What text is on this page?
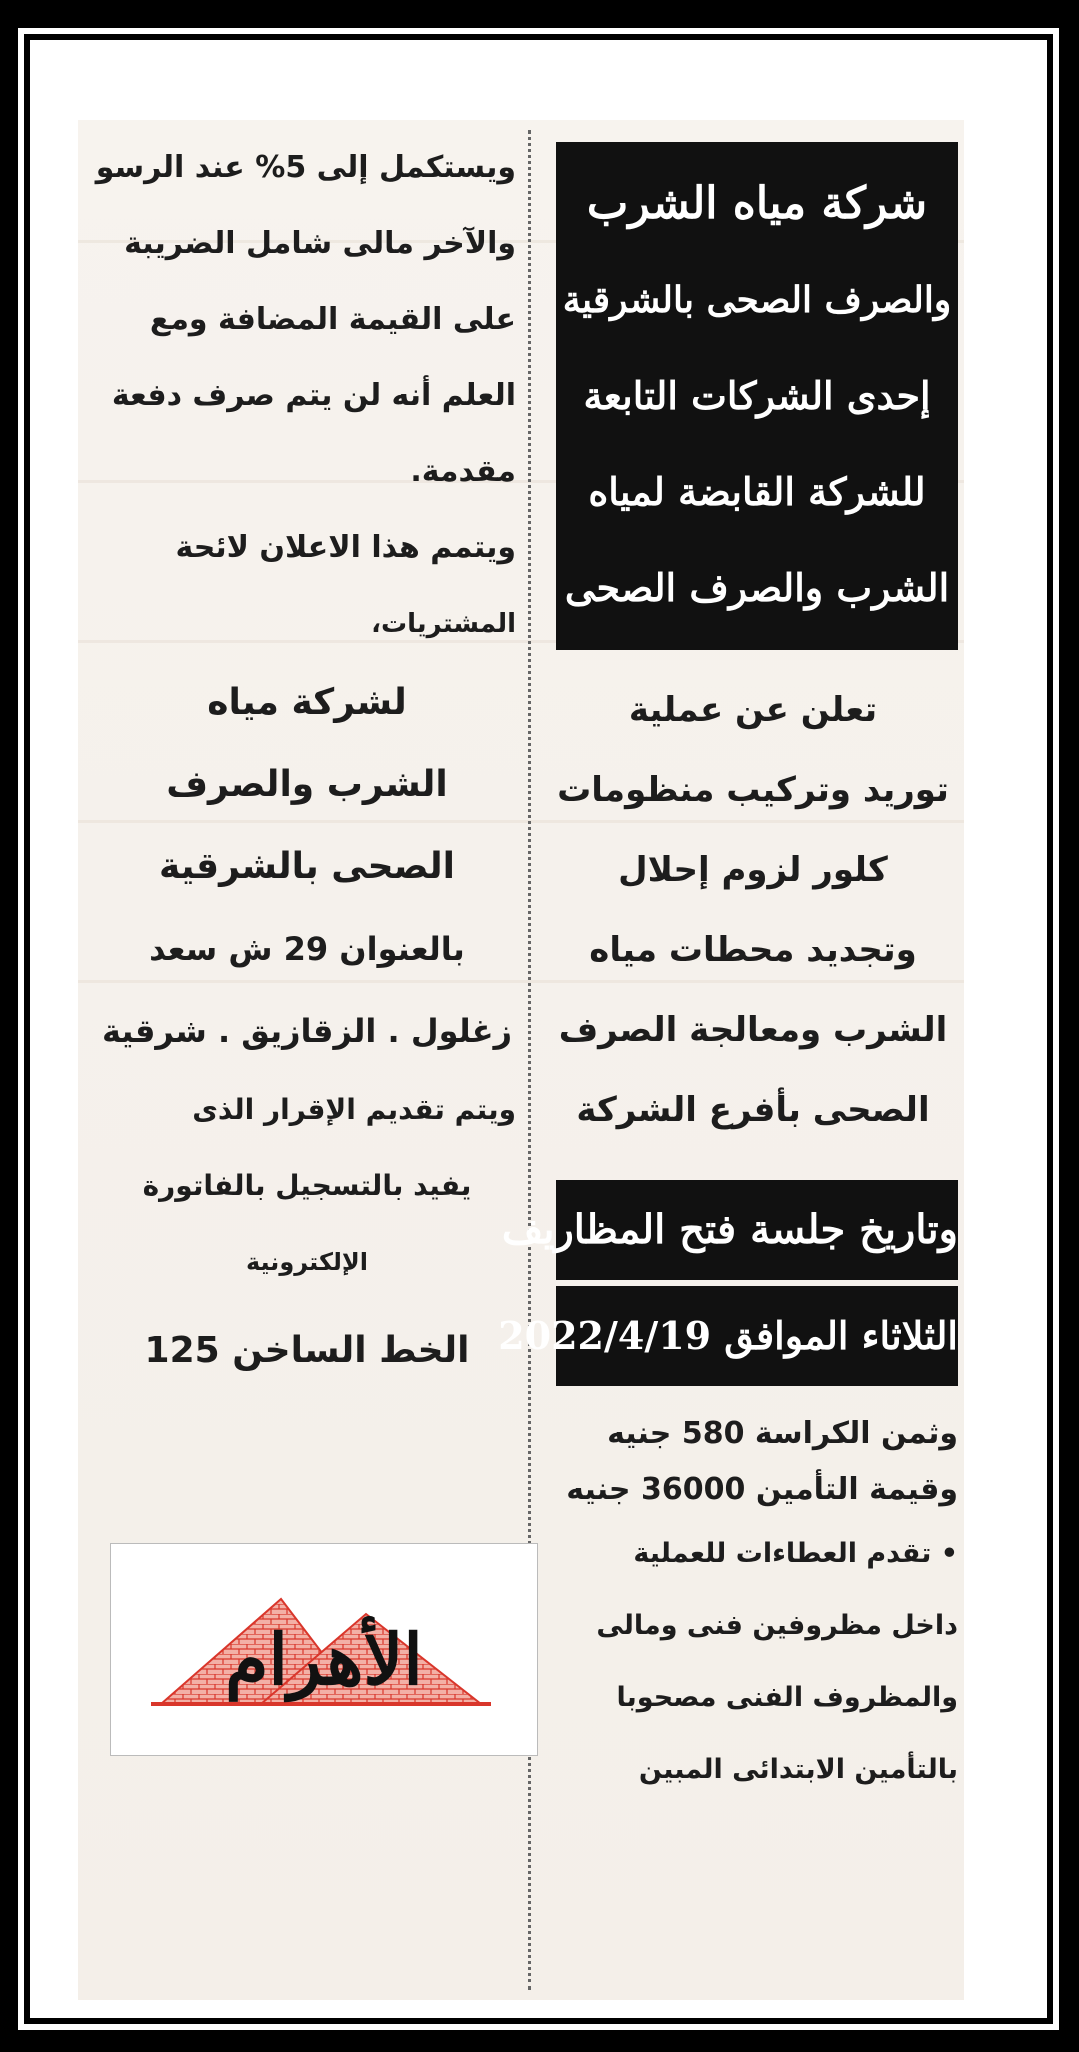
ويستكمل إلى 5% عند الرسو
والآخر مالى شامل الضريبة
على القيمة المضافة ومع
العلم أنه لن يتم صرف دفعة
مقدمة.
ويتمم هذا الاعلان لائحة
المشتريات،
لشركة مياه
الشرب والصرف
الصحى بالشرقية
بالعنوان 29 ش سعد
زغلول . الزقازيق . شرقية
ويتم تقديم الإقرار الذى
يفيد بالتسجيل بالفاتورة
الإلكترونية
الخط الساخن 125
شركة مياه الشرب
والصرف الصحى بالشرقية
إحدى الشركات التابعة
للشركة القابضة لمياه
الشرب والصرف الصحى
تعلن عن عملية
توريد وتركيب منظومات
كلور لزوم إحلال
وتجديد محطات مياه
الشرب ومعالجة الصرف
الصحى بأفرع الشركة
وتاريخ جلسة فتح المظاريف
الثلاثاء الموافق 2022/4/19
وثمن الكراسة 580 جنيه
وقيمة التأمين 36000 جنيه
• تقدم العطاءات للعملية
داخل مظروفين فنى ومالى
والمظروف الفنى مصحوبا
بالتأمين الابتدائى المبين
الأهرام
